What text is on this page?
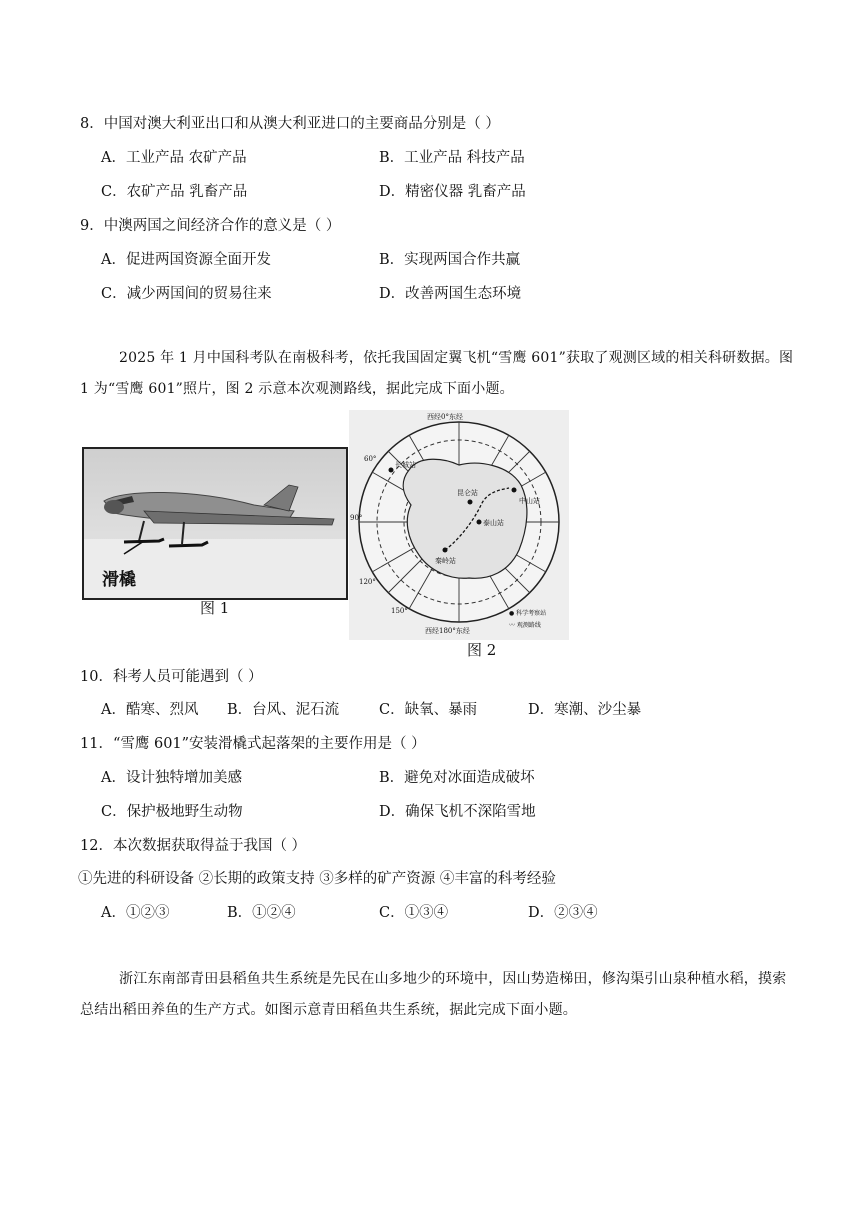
8．中国对澳大利亚出口和从澳大利亚进口的主要商品分别是（ ）
A．工业产品 农矿产品	B．工业产品 科技产品
C．农矿产品 乳畜产品	D．精密仪器 乳畜产品
9．中澳两国之间经济合作的意义是（ ）
A．促进两国资源全面开发	B．实现两国合作共赢
C．减少两国间的贸易往来	D．改善两国生态环境
2025 年 1 月中国科考队在南极科考，依托我国固定翼飞机“雪鹰 601”获取了观测区域的相关科研数据。图 1 为“雪鹰 601”照片，图 2 示意本次观测路线，据此完成下面小题。
滑橇
图 1
西经0°东经
西经180°东经
60°
90°
120°
150°
长城站
昆仑站
中山站
泰山站
秦岭站
● 科学考察站
〰 观测路线
图 2
10．科考人员可能遇到（ ）
A．酷寒、烈风 B．台风、泥石流	C．缺氧、暴雨	D．寒潮、沙尘暴
11．“雪鹰 601”安装滑橇式起落架的主要作用是（ ）
A．设计独特增加美感	B．避免对冰面造成破坏
C．保护极地野生动物	D．确保飞机不深陷雪地
12．本次数据获取得益于我国（ ）
①先进的科研设备 ②长期的政策支持 ③多样的矿产资源 ④丰富的科考经验
A．①②③	B．①②④	C．①③④	D．②③④
浙江东南部青田县稻鱼共生系统是先民在山多地少的环境中，因山势造梯田，修沟渠引山泉种植水稻，摸索总结出稻田养鱼的生产方式。如图示意青田稻鱼共生系统，据此完成下面小题。
